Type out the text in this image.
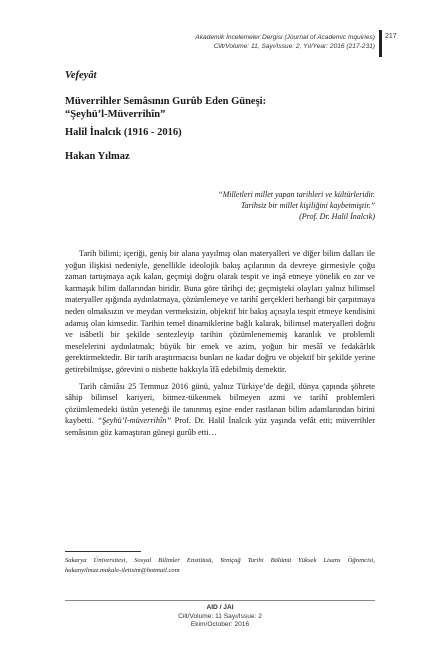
Akademik İncelemeler Dergisi (Journal of Academic Inquiries)
Cilt/Volume: 11, Sayı/Issue: 2, Yıl/Year: 2016 (217-231)
217
Vefeyât
Müverrihler Semâsının Gurûb Eden Güneşi:
“Şeyhü’l-Müverrihîn”
Halil İnalcık (1916 - 2016)
Hakan Yılmaz
“Milletleri millet yapan tarihleri ve kültürleridir.
Tarihsiz bir millet kişiliğini kaybetmiştir.”
(Prof. Dr. Halil İnalcık)

Tarih bilimi; içeriği, geniş bir alana yayılmış olan materyalleri ve diğer bilim dalları ile yoğun ilişkisi nedeniyle, genellikle ideolojik bakış açılarının da devreye girmesiyle çoğu zaman tartışmaya açık kalan, geçmişi doğru olarak tespit ve inşâ etmeye yönelik en zor ve karmaşık bilim dallarından biridir. Buna göre târihçi de; geçmişteki olayları yalnız bilimsel materyaller ışığında aydınlatmaya, çözümlemeye ve tarihî gerçekleri herhangi bir çarpıtmaya neden olmaksızın ve meydan vermeksizin, objektif bir bakış açısıyla tespit etmeye kendisini adamış olan kimsedir. Tarihin temel dinamiklerine bağlı kalarak, bilimsel materyalleri doğru ve isâbetli bir şekilde sentezleyip tarihin çözümlenememiş karanlık ve problemli meselelerini aydınlatmak; büyük bir emek ve azim, yoğun bir mesâî ve fedakârlık gerektirmektedir. Bir tarih araştırmacısı bunları ne kadar doğru ve objektif bir şekilde yerine getirebilmişse, görevini o nisbette hakkıyla îfâ edebilmiş demektir.

Tarih câmiâsı 25 Temmuz 2016 günü, yalnız Türkiye’de değil, dünya çapında şöhrete sâhip bilimsel kariyeri, bitmez-tükenmek bilmeyen azmi ve tarihî problemleri çözümlemedeki üstün yeteneği ile tanınmış eşine ender rastlanan bilim adamlarından birini kaybetti. “Şeyhü’l-müverrihîn” Prof. Dr. Halil İnalcık yüz yaşında vefât etti; müverrihler semâsının göz kamaştıran güneşi gurûb etti…

Sakarya Üniversitesi, Sosyal Bilimler Enstitüsü, Yeniçağ Tarihi Bölümü Yüksek Lisans Öğrencisi, hakanyilmaz.makale-iletisim@hotmail.com
AID / JAI
Cilt/Volume: 11 Sayı/Issue: 2
Ekim/October: 2016
